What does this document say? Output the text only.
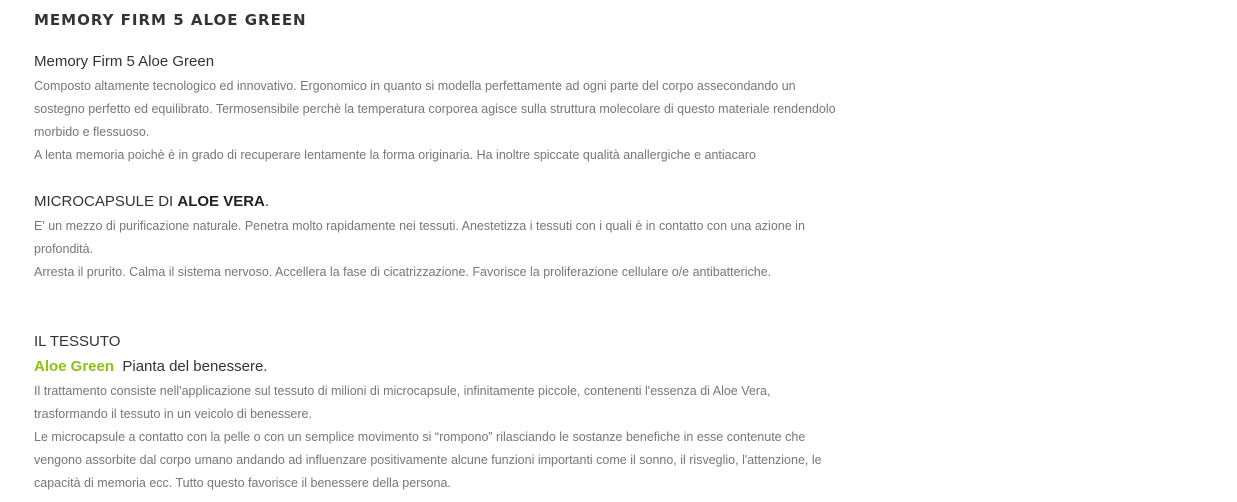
MEMORY FIRM 5 ALOE GREEN
Memory Firm 5 Aloe Green
Composto altamente tecnologico ed innovativo. Ergonomico in quanto si modella perfettamente ad ogni parte del corpo assecondando un
sostegno perfetto ed equilibrato. Termosensibile perchè la temperatura corporea agisce sulla struttura molecolare di questo materiale rendendolo
morbido e flessuoso.
A lenta memoria poichè è in grado di recuperare lentamente la forma originaria. Ha inoltre spiccate qualità anallergiche e antiacaro
MICROCAPSULE DI ALOE VERA.
E' un mezzo di purificazione naturale. Penetra molto rapidamente nei tessuti. Anestetizza i tessuti con i quali è in contatto con una azione in
profondità.
Arresta il prurito. Calma il sistema nervoso. Accellera la fase di cicatrizzazione. Favorisce la proliferazione cellulare o/e antibatteriche.
IL TESSUTO
Aloe Green Pianta del benessere.
Il trattamento consiste nell'applicazione sul tessuto di milioni di microcapsule, infinitamente piccole, contenenti l'essenza di Aloe Vera,
trasformando il tessuto in un veicolo di benessere.
Le microcapsule a contatto con la pelle o con un semplice movimento si “rompono” rilasciando le sostanze benefiche in esse contenute che
vengono assorbite dal corpo umano andando ad influenzare positivamente alcune funzioni importanti come il sonno, il risveglio, l'attenzione, le
capacità di memoria ecc. Tutto questo favorisce il benessere della persona.
